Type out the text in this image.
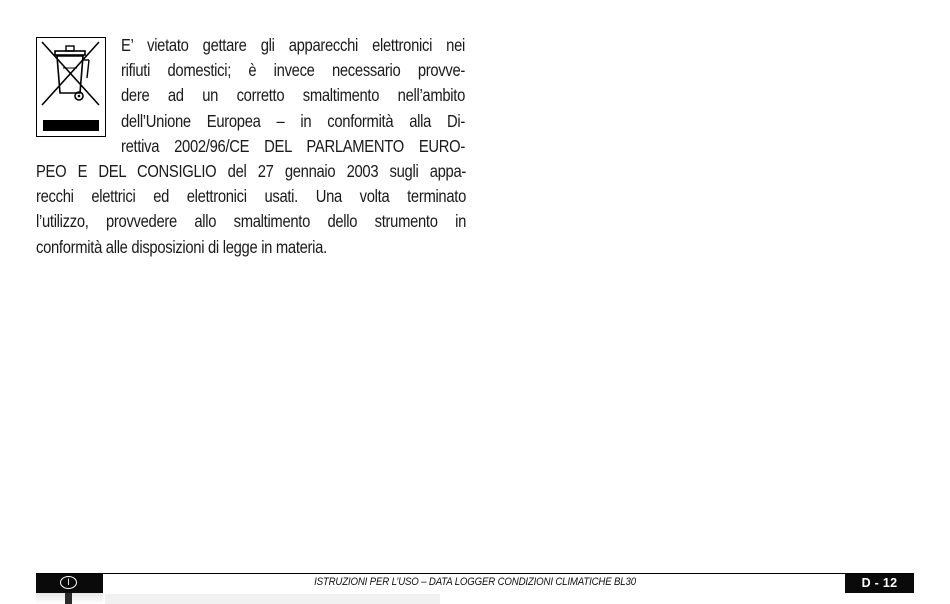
E’ vietato gettare gli apparecchi elettronici nei
rifiuti domestici; è invece necessario provve-
dere ad un corretto smaltimento nell’ambito
dell’Unione Europea – in conformità alla Di-
rettiva 2002/96/CE DEL PARLAMENTO EURO-
PEO E DEL CONSIGLIO del 27 gennaio 2003 sugli appa-
recchi elettrici ed elettronici usati. Una volta terminato
l’utilizzo, provvedere allo smaltimento dello strumento in
conformità alle disposizioni di legge in materia.
I	ISTRUZIONI PER L’USO – DATA LOGGER CONDIZIONI CLIMATICHE BL30	D - 12
